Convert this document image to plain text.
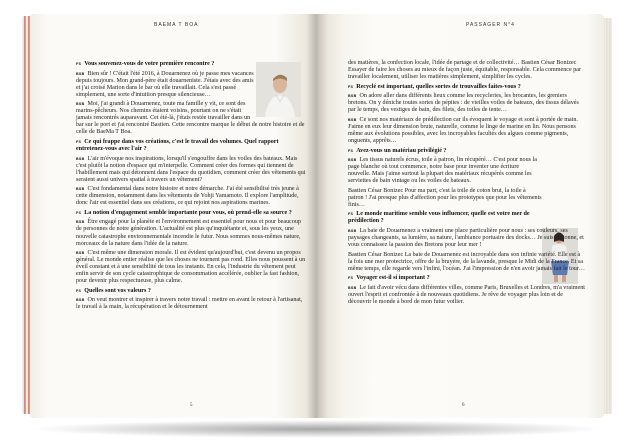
BAEMA T BOA

FS Vous souvenez-vous de votre première rencontre ?

BSB Bien sûr ! C'était l'été 2016, à Douarnenez où je passe mes vacances depuis toujours. Mon grand-père était douarneniste. J'étais avec des amis et j'ai croisé Marion dans le bar où elle travaillait. Cela s'est passé simplement, une sorte d'intuition presque silencieuse…

BSB Moi, j'ai grandi à Douarnenez, toute ma famille y vit, ce sont des marins-pêcheurs. Nos chemins étaient voisins, pourtant on ne s'était jamais rencontrés auparavant. Cet été-là, j'étais restée travailler dans un bar sur le port et j'ai rencontré Bastien. Cette rencontre marque le début de notre histoire et de celle de BaeMa T Boa.

FS Ce qui frappe dans vos créations, c'est le travail des volumes. Quel rapport entretenez-vous avec l'air ?

BSB L'air m'évoque nos inspirations, lorsqu'il s'engouffre dans les voiles des bateaux. Mais c'est plutôt la notion d'espace qui m'interpelle. Comment créer des formes qui tiennent de l'habillement mais qui détonnent dans l'espace du quotidien, comment créer des vêtements qui seraient aussi univers spatial à travers un vêtement?

BSB C'est fondamental dans notre histoire et notre démarche. J'ai été sensibilisé très jeune à cette dimension, notamment dans les vêtements de Yohji Yamamoto. Il explore l'amplitude, donc l'air est essentiel dans ses créations, ce qui rejoint nos aspirations marines.

FS La notion d'engagement semble importante pour vous, où prend-elle sa source ?

BSB Être engagé pour la planète et l'environnement est essentiel pour nous et pour beaucoup de personnes de notre génération. L'actualité est plus qu'inquiétante et, sous les yeux, une nouvelle catastrophe environnementale incendie le futur. Nous sommes nous-mêmes nature, morceaux de la nature dans l'idée de la nature.

BSB C'est même une dimension morale. Il est évident qu'aujourd'hui, c'est devenu un propos général. Le monde entier réalise que les choses ne tournent pas rond. Elles nous poussent à un éveil constant et à une sensibilité de tous les instants. En cela, l'industrie du vêtement peut enfin servir de son cycle catastrophique de consommation accélérée, oublier la fast fashion, pour devenir plus respectueuse, plus calme.

FS Quelles sont vos valeurs ?

BSB On veut montrer et inspirer à travers notre travail : mettre en avant le retour à l'artisanat, le travail à la main, la récupération et le détournement

5
PASSAGER N°4

des matières, la confection locale, l'idée de partage et de collectivité… Bastien César Bonizec Essayer de faire les choses au mieux de façon juste, équitable, responsable. Cela commence par travailler localement, utiliser les matières simplement, simplifier les cycles.

FS Recyclé est important, quelles sortes de trouvailles faites-vous ?

BSB On adore aller dans différents lieux comme les recycleries, les brocantes, les greniers bretons. On y déniche toutes sortes de pépites : de vieilles voiles de bateaux, des tissus délavés par le temps, des vestiges de bain, des filets, des toiles de tente…

BSB Ce sont nos matériaux de prédilection car ils évoquent le voyage et sont à portée de main. J'aime en eux leur dimension brute, naturelle, comme le linge de marine en lin. Nous pensons même aux évolutions possibles, avec les incroyables facultés des algues comme pigments, onguents, apprêts…

FS Avez-vous un matériau privilégié ?

BSB Les tissus naturels écrus, toile à patron, lin récupéré… C'est pour nous la page blanche où tout commence, notre base pour inventer une écriture nouvelle. Mais j'aime surtout la plupart des matériaux récupérés comme les serviettes de bain vintage ou les voiles de bateaux.

Bastien César Bonizec Pour ma part, c'est la toile de coton brut, la toile à patron ! J'ai presque plus d'affection pour les prototypes que pour les vêtements finis…

FS Le monde maritime semble vous influencer, quelle est votre mer de prédilection ?

BSB La baie de Douarnenez a vraiment une place particulière pour nous : ses couleurs, ses paysages changeants, sa lumière, sa nature, l'ambiance portuaire des docks… Je suis bretonne, et vous connaissez la passion des Bretons pour leur mer !

Bastien César Bonizec La baie de Douarnenez est incroyable dans son infinie variété. Elle est à la fois une mer protectrice, offre de la bruyère, de la lavande, presque le Midi de la France. Et sa même temps, elle regarde vers l'infini, l'océan. J'ai l'impression de n'en avoir jamais fait le tour…

FS Voyager est-il si important ?

BSB Le fait d'avoir vécu dans différentes villes, comme Paris, Bruxelles et Londres, m'a vraiment ouvert l'esprit et confrontée à de nouveaux quotidiens. Je rêve de voyager plus loin et de découvrir le monde à bord de mon futur voilier.

6
